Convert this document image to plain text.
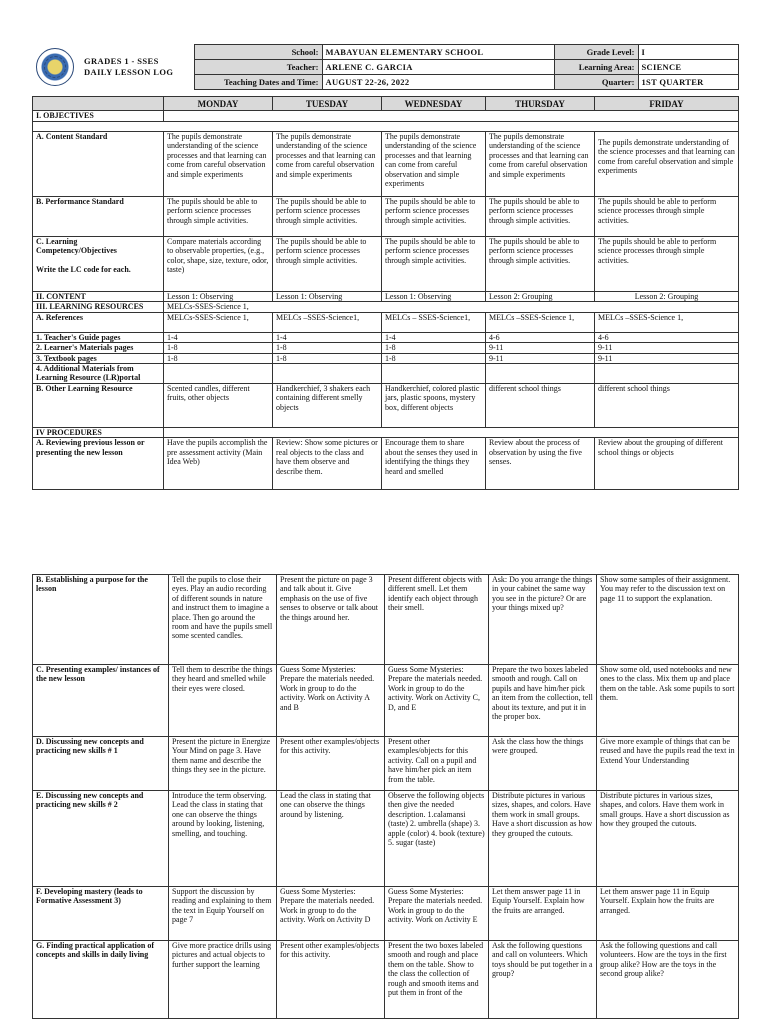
	GRADES 1 - SSES
DAILY LESSON LOG	School:	MABAYUAN ELEMENTARY SCHOOL	Grade Level:	I
		Teacher:	ARLENE C. GARCIA	Learning Area:	SCIENCE
		Teaching Dates and Time:	AUGUST 22-26, 2022	Quarter:	1ST QUARTER
	MONDAY	TUESDAY	WEDNESDAY	THURSDAY	FRIDAY
I. OBJECTIVES					

A. Content Standard	The pupils demonstrate understanding of the science processes and that learning can come from careful observation and simple experiments	The pupils demonstrate understanding of the science processes and that learning can come from careful observation and simple experiments	The pupils demonstrate understanding of the science processes and that learning can come from careful observation and simple experiments	The pupils demonstrate understanding of the science processes and that learning can come from careful observation and simple experiments	The pupils demonstrate understanding of the science processes and that learning can come from careful observation and simple experiments
B. Performance Standard	The pupils should be able to perform science processes through simple activities.	The pupils should be able to perform science processes through simple activities.	The pupils should be able to perform science processes through simple activities.	The pupils should be able to perform science processes through simple activities.	The pupils should be able to perform science processes through simple activities.
C. Learning Competency/Objectives
Write the LC code for each.	Compare materials according to observable properties, (e.g., color, shape, size, texture, odor, taste)	The pupils should be able to perform science processes through simple activities.	The pupils should be able to perform science processes through simple activities.	The pupils should be able to perform science processes through simple activities.	The pupils should be able to perform science processes through simple activities.
II. CONTENT	Lesson 1: Observing	Lesson 1: Observing	Lesson 1: Observing	Lesson 2: Grouping	Lesson 2: Grouping
III. LEARNING RESOURCES	MELCs-SSES-Science 1,				
A. References	MELCs-SSES-Science 1,	MELCs –SSES-Science1,	MELCs – SSES-Science1,	MELCs –SSES-Science 1,	MELCs –SSES-Science 1,
1. Teacher's Guide pages	1-4	1-4	1-4	4-6	4-6
2. Learner's Materials pages	1-8	1-8	1-8	9-11	9-11
3. Textbook pages	1-8	1-8	1-8	9-11	9-11
4. Additional Materials from Learning Resource (LR)portal					
B. Other Learning Resource	Scented candles, different fruits, other objects	Handkerchief, 3 shakers each containing different smelly objects	Handkerchief, colored plastic jars, plastic spoons, mystery box, different objects	different school things	different school things
IV PROCEDURES					
A. Reviewing previous lesson or presenting the new lesson	Have the pupils accomplish the pre assessment activity (Main Idea Web)	Review: Show some pictures or real objects to the class and have them observe and describe them.	Encourage them to share about the senses they used in identifying the things they heard and smelled	Review about the process of observation by using the five senses.	Review about the grouping of different school things or objects
B. Establishing a purpose for the lesson	Tell the pupils to close their eyes. Play an audio recording of different sounds in nature and instruct them to imagine a place. Then go around the room and have the pupils smell some scented candles.	Present the picture on page 3 and talk about it. Give emphasis on the use of five senses to observe or talk about the things around her.	Present different objects with different smell. Let them identify each object through their smell.	Ask: Do you arrange the things in your cabinet the same way you see in the picture? Or are your things mixed up?	Show some samples of their assignment. You may refer to the discussion text on page 11 to support the explanation.
C. Presenting examples/ instances of the new lesson	Tell them to describe the things they heard and smelled while their eyes were closed.	Guess Some Mysteries: Prepare the materials needed. Work in group to do the activity. Work on Activity A and B	Guess Some Mysteries: Prepare the materials needed. Work in group to do the activity. Work on Activity C, D, and E	Prepare the two boxes labeled smooth and rough. Call on pupils and have him/her pick an item from the collection, tell about its texture, and put it in the proper box.	Show some old, used notebooks and new ones to the class. Mix them up and place them on the table. Ask some pupils to sort them.
D. Discussing new concepts and practicing new skills # 1	Present the picture in Energize Your Mind on page 3. Have them name and describe the things they see in the picture.	Present other examples/objects for this activity.	Present other examples/objects for this activity. Call on a pupil and have him/her pick an item from the table.	Ask the class how the things were grouped.	Give more example of things that can be reused and have the pupils read the text in Extend Your Understanding
E. Discussing new concepts and practicing new skills # 2	Introduce the term observing. Lead the class in stating that one can observe the things around by looking, listening, smelling, and touching.	Lead the class in stating that one can observe the things around by listening.	Observe the following objects then give the needed description. 1.calamansi (taste) 2. umbrella (shape) 3. apple (color) 4. book (texture) 5. sugar (taste)	Distribute pictures in various sizes, shapes, and colors. Have them work in small groups. Have a short discussion as how they grouped the cutouts.	Distribute pictures in various sizes, shapes, and colors. Have them work in small groups. Have a short discussion as how they grouped the cutouts.
F. Developing mastery (leads to Formative Assessment 3)	Support the discussion by reading and explaining to them the text in Equip Yourself on page 7	Guess Some Mysteries: Prepare the materials needed. Work in group to do the activity. Work on Activity D	Guess Some Mysteries: Prepare the materials needed. Work in group to do the activity. Work on Activity E	Let them answer page 11 in Equip Yourself. Explain how the fruits are arranged.	Let them answer page 11 in Equip Yourself. Explain how the fruits are arranged.
G. Finding practical application of concepts and skills in daily living	Give more practice drills using pictures and actual objects to further support the learning	Present other examples/objects for this activity.	Present the two boxes labeled smooth and rough and place them on the table. Show to the class the collection of rough and smooth items and put them in front of the	Ask the following questions and call on volunteers. Which toys should be put together in a group?	Ask the following questions and call volunteers. How are the toys in the first group alike? How are the toys in the second group alike?
